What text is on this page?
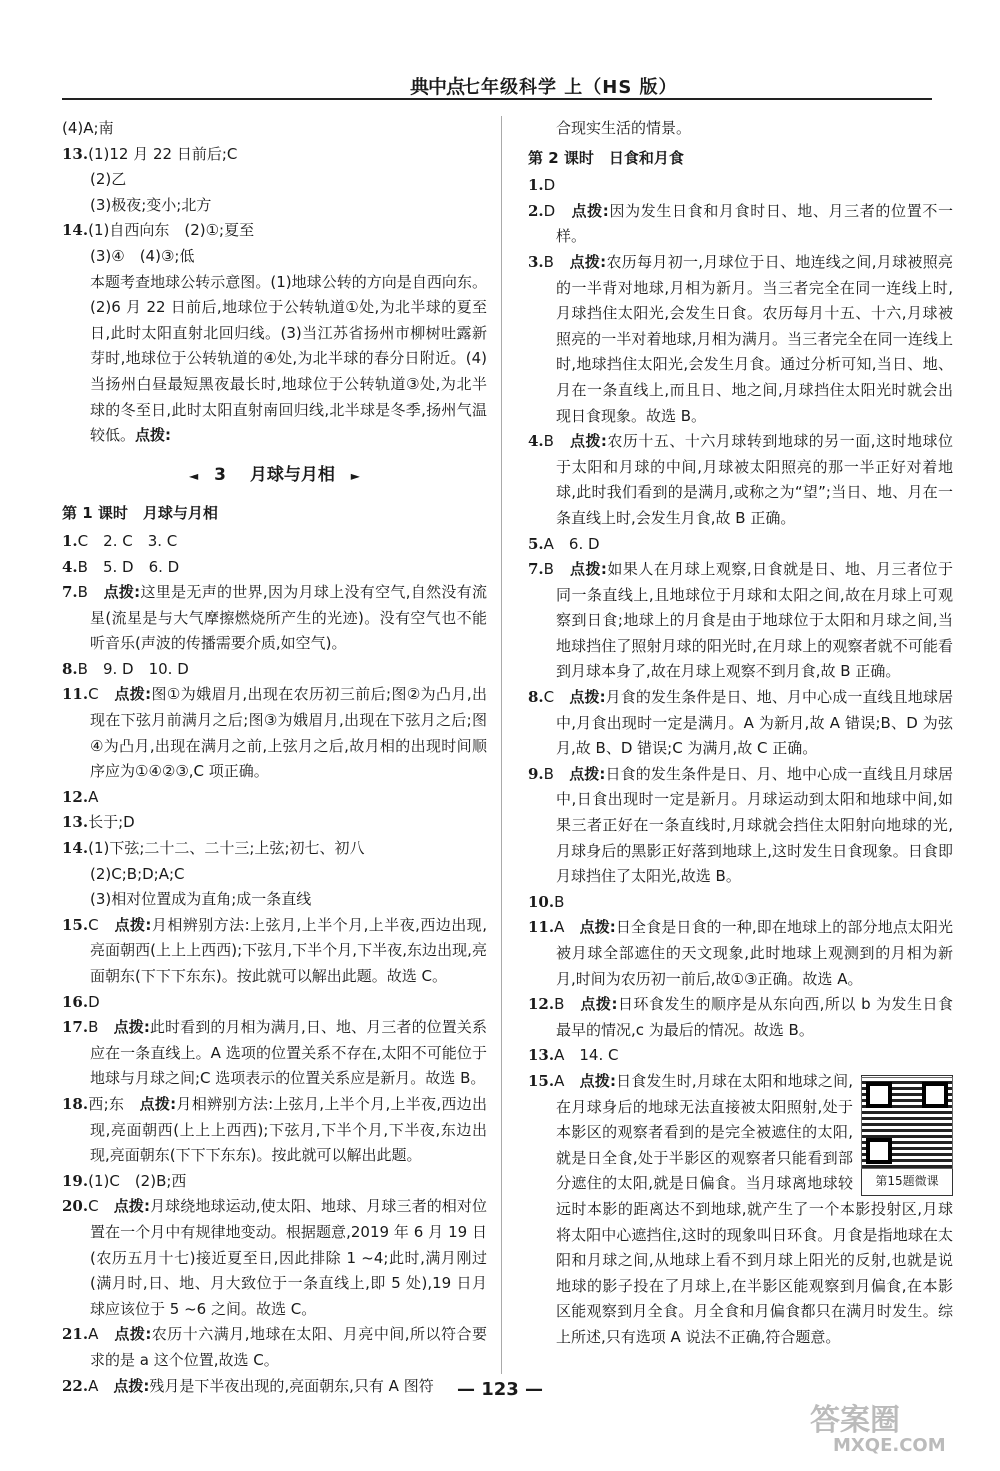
典中点
七年级科学 上（HS 版）

(4)A;南

13.(1)12 月 22 日前后;C

(2)乙

(3)极夜;变小;北方

14.(1)自西向东　(2)①;夏至

(3)④　(4)③;低

本题考查地球公转示意图。(1)地球公转的方向是自西向东。(2)6 月 22 日前后,地球位于公转轨道①处,为北半球的夏至日,此时太阳直射北回归线。(3)当江苏省扬州市柳树吐露新芽时,地球位于公转轨道的④处,为北半球的春分日附近。(4)当扬州白昼最短黑夜最长时,地球位于公转轨道③处,为北半球的冬至日,此时太阳直射南回归线,北半球是冬季,扬州气温较低。点拨:

◄ 3 月球与月相 ►
第 1 课时　月球与月相

1.C　2. C　3. C

4.B　5. D　6. D

7.B　点拨:这里是无声的世界,因为月球上没有空气,自然没有流星(流星是与大气摩擦燃烧所产生的光迹)。没有空气也不能听音乐(声波的传播需要介质,如空气)。

8.B　9. D　10. D

11.C　点拨:图①为娥眉月,出现在农历初三前后;图②为凸月,出现在下弦月前满月之后;图③为娥眉月,出现在下弦月之后;图④为凸月,出现在满月之前,上弦月之后,故月相的出现时间顺序应为①④②③,C 项正确。

12.A

13.长于;D

14.(1)下弦;二十二、二十三;上弦;初七、初八

(2)C;B;D;A;C

(3)相对位置成为直角;成一条直线

15.C　点拨:月相辨别方法:上弦月,上半个月,上半夜,西边出现,亮面朝西(上上上西西);下弦月,下半个月,下半夜,东边出现,亮面朝东(下下下东东)。按此就可以解出此题。故选 C。

16.D

17.B　点拨:此时看到的月相为满月,日、地、月三者的位置关系应在一条直线上。A 选项的位置关系不存在,太阳不可能位于地球与月球之间;C 选项表示的位置关系应是新月。故选 B。

18.西;东　点拨:月相辨别方法:上弦月,上半个月,上半夜,西边出现,亮面朝西(上上上西西);下弦月,下半个月,下半夜,东边出现,亮面朝东(下下下东东)。按此就可以解出此题。

19.(1)C　(2)B;西

20.C　点拨:月球绕地球运动,使太阳、地球、月球三者的相对位置在一个月中有规律地变动。根据题意,2019 年 6 月 19 日(农历五月十七)接近夏至日,因此排除 1 ~4;此时,满月刚过(满月时,日、地、月大致位于一条直线上,即 5 处),19 日月球应该位于 5 ~6 之间。故选 C。

21.A　点拨:农历十六满月,地球在太阳、月亮中间,所以符合要求的是 a 这个位置,故选 C。

22.A　点拨:残月是下半夜出现的,亮面朝东,只有 A 图符

合现实生活的情景。

第 2 课时　日食和月食

1.D

2.D　点拨:因为发生日食和月食时日、地、月三者的位置不一样。

3.B　点拨:农历每月初一,月球位于日、地连线之间,月球被照亮的一半背对地球,月相为新月。当三者完全在同一连线上时,月球挡住太阳光,会发生日食。农历每月十五、十六,月球被照亮的一半对着地球,月相为满月。当三者完全在同一连线上时,地球挡住太阳光,会发生月食。通过分析可知,当日、地、月在一条直线上,而且日、地之间,月球挡住太阳光时就会出现日食现象。故选 B。

4.B　点拨:农历十五、十六月球转到地球的另一面,这时地球位于太阳和月球的中间,月球被太阳照亮的那一半正好对着地球,此时我们看到的是满月,或称之为“望”;当日、地、月在一条直线上时,会发生月食,故 B 正确。

5.A　6. D

7.B　点拨:如果人在月球上观察,日食就是日、地、月三者位于同一条直线上,且地球位于月球和太阳之间,故在月球上可观察到日食;地球上的月食是由于地球位于太阳和月球之间,当地球挡住了照射月球的阳光时,在月球上的观察者就不可能看到月球本身了,故在月球上观察不到月食,故 B 正确。

8.C　点拨:月食的发生条件是日、地、月中心成一直线且地球居中,月食出现时一定是满月。A 为新月,故 A 错误;B、D 为弦月,故 B、D 错误;C 为满月,故 C 正确。

9.B　点拨:日食的发生条件是日、月、地中心成一直线且月球居中,日食出现时一定是新月。月球运动到太阳和地球中间,如果三者正好在一条直线时,月球就会挡住太阳射向地球的光,月球身后的黑影正好落到地球上,这时发生日食现象。日食即月球挡住了太阳光,故选 B。

10.B

11.A　点拨:日全食是日食的一种,即在地球上的部分地点太阳光被月球全部遮住的天文现象,此时地球上观测到的月相为新月,时间为农历初一前后,故①③正确。故选 A。

12.B　点拨:日环食发生的顺序是从东向西,所以 b 为发生日食最早的情况,c 为最后的情况。故选 B。

13.A　14. C

15.A　点拨:
第15题微课
日食发生时,月球在太阳和地球之间,在月球身后的地球无法直接被太阳照射,处于本影区的观察者看到的是完全被遮住的太阳,就是日全食,处于半影区的观察者只能看到部分遮住的太阳,就是日偏食。当月球离地球较远时本影的距离达不到地球,就产生了一个本影投射区,月球将太阳中心遮挡住,这时的现象叫日环食。月食是指地球在太阳和月球之间,从地球上看不到月球上阳光的反射,也就是说地球的影子投在了月球上,在半影区能观察到月偏食,在本影区能观察到月全食。月全食和月偏食都只在满月时发生。综上所述,只有选项 A 说法不正确,符合题意。

— 123 —
答案圈
MXQE.COM
